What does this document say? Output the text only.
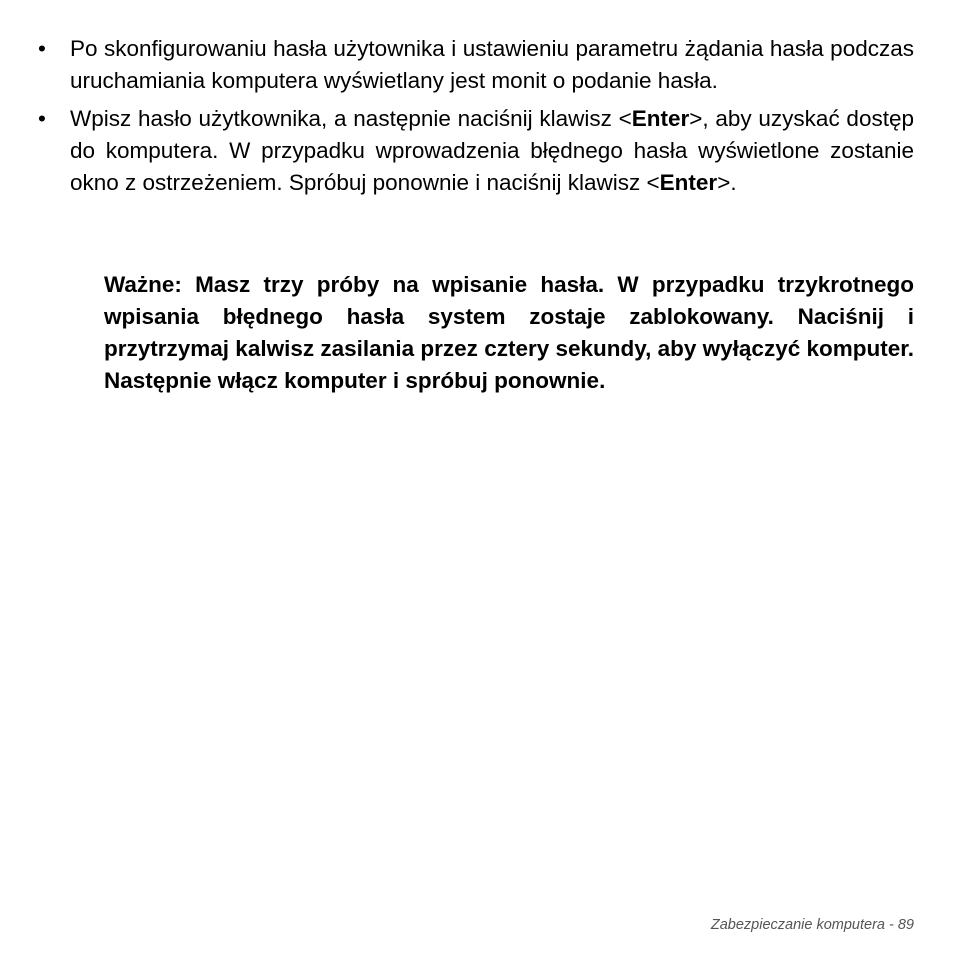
•	Po skonfigurowaniu hasła użytownika i ustawieniu parametru żądania hasła podczas uruchamiania komputera wyświetlany jest monit o podanie hasła.
•	Wpisz hasło użytkownika, a następnie naciśnij klawisz <Enter>, aby uzyskać dostęp do komputera. W przypadku wprowadzenia błędnego hasła wyświetlone zostanie okno z ostrzeżeniem. Spróbuj ponownie i naciśnij klawisz <Enter>.

Ważne: Masz trzy próby na wpisanie hasła. W przypadku trzykrotnego wpisania błędnego hasła system zostaje zablokowany. Naciśnij i przytrzymaj kalwisz zasilania przez cztery sekundy, aby wyłączyć komputer. Następnie włącz komputer i spróbuj ponownie.

Zabezpieczanie komputera - 89
